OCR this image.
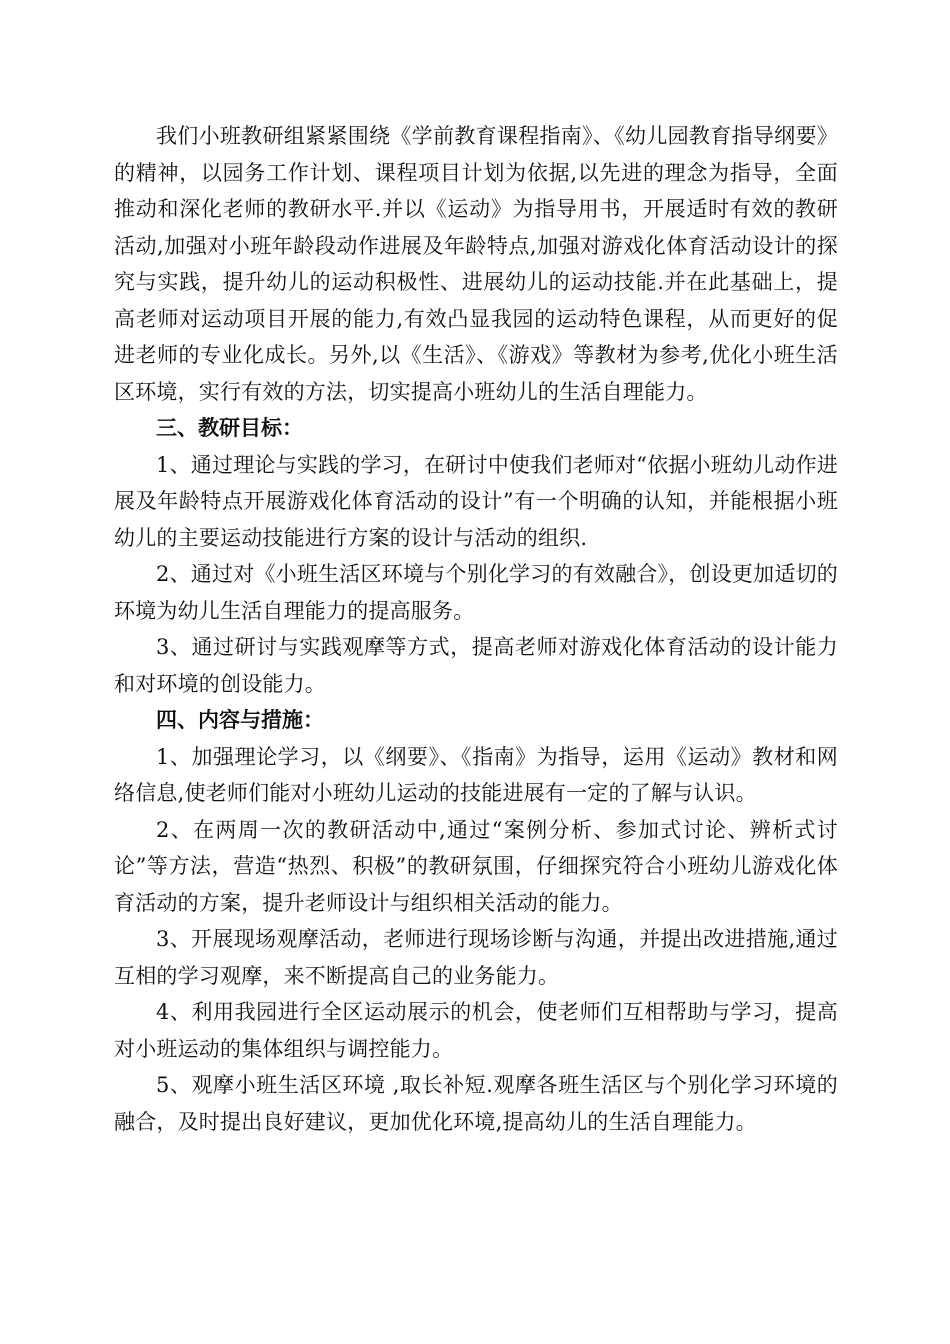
我们小班教研组紧紧围绕《学前教育课程指南》、《幼儿园教育指导纲要》的精神，以园务工作计划、课程项目计划为依据,以先进的理念为指导，全面推动和深化老师的教研水平.并以《运动》为指导用书，开展适时有效的教研活动,加强对小班年龄段动作进展及年龄特点,加强对游戏化体育活动设计的探究与实践，提升幼儿的运动积极性、进展幼儿的运动技能.并在此基础上，提高老师对运动项目开展的能力,有效凸显我园的运动特色课程，从而更好的促进老师的专业化成长。另外,以《生活》、《游戏》等教材为参考,优化小班生活区环境，实行有效的方法，切实提高小班幼儿的生活自理能力。

三、教研目标：

1、通过理论与实践的学习，在研讨中使我们老师对“依据小班幼儿动作进展及年龄特点开展游戏化体育活动的设计”有一个明确的认知，并能根据小班幼儿的主要运动技能进行方案的设计与活动的组织.

2、通过对《小班生活区环境与个别化学习的有效融合》，创设更加适切的环境为幼儿生活自理能力的提高服务。

3、通过研讨与实践观摩等方式，提高老师对游戏化体育活动的设计能力和对环境的创设能力。

四、内容与措施：

1、加强理论学习，以《纲要》、《指南》为指导，运用《运动》教材和网络信息,使老师们能对小班幼儿运动的技能进展有一定的了解与认识。

2、在两周一次的教研活动中,通过“案例分析、参加式讨论、辨析式讨论”等方法，营造“热烈、积极”的教研氛围，仔细探究符合小班幼儿游戏化体育活动的方案，提升老师设计与组织相关活动的能力。

3、开展现场观摩活动，老师进行现场诊断与沟通，并提出改进措施,通过互相的学习观摩，来不断提高自己的业务能力。

4、利用我园进行全区运动展示的机会，使老师们互相帮助与学习，提高对小班运动的集体组织与调控能力。

5、观摩小班生活区环境 ,取长补短.观摩各班生活区与个别化学习环境的融合，及时提出良好建议，更加优化环境,提高幼儿的生活自理能力。
